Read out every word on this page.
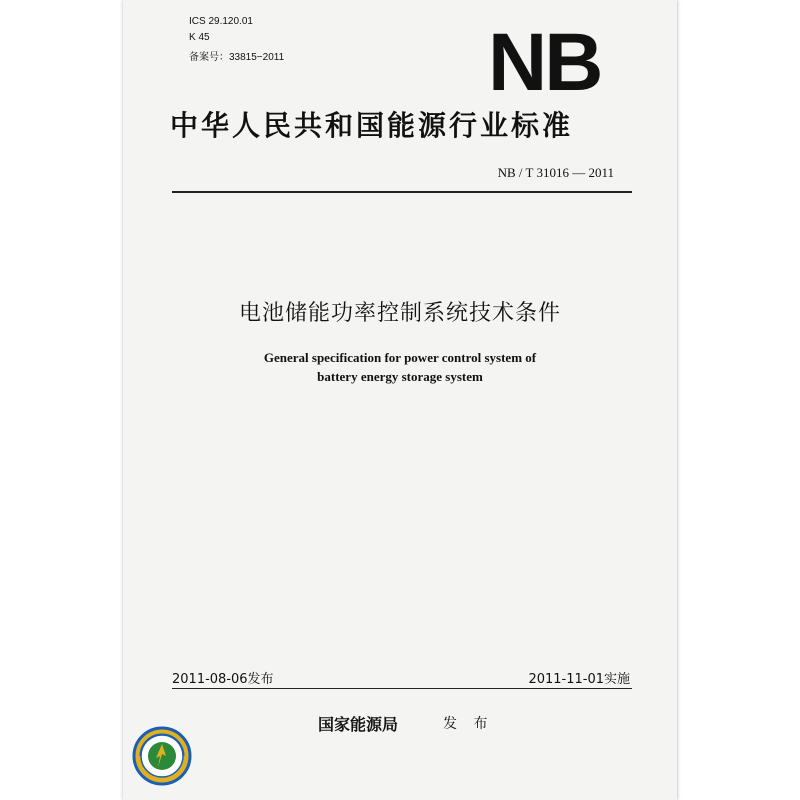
ICS 29.120.01
K 45
备案号：33815−2011 NB
中华人民共和国能源行业标准
NB / T 31016 — 2011
电池储能功率控制系统技术条件
General specification for power control system of
battery energy storage system
2011-08-06发布	2011-11-01实施
国家能源局	发 布
